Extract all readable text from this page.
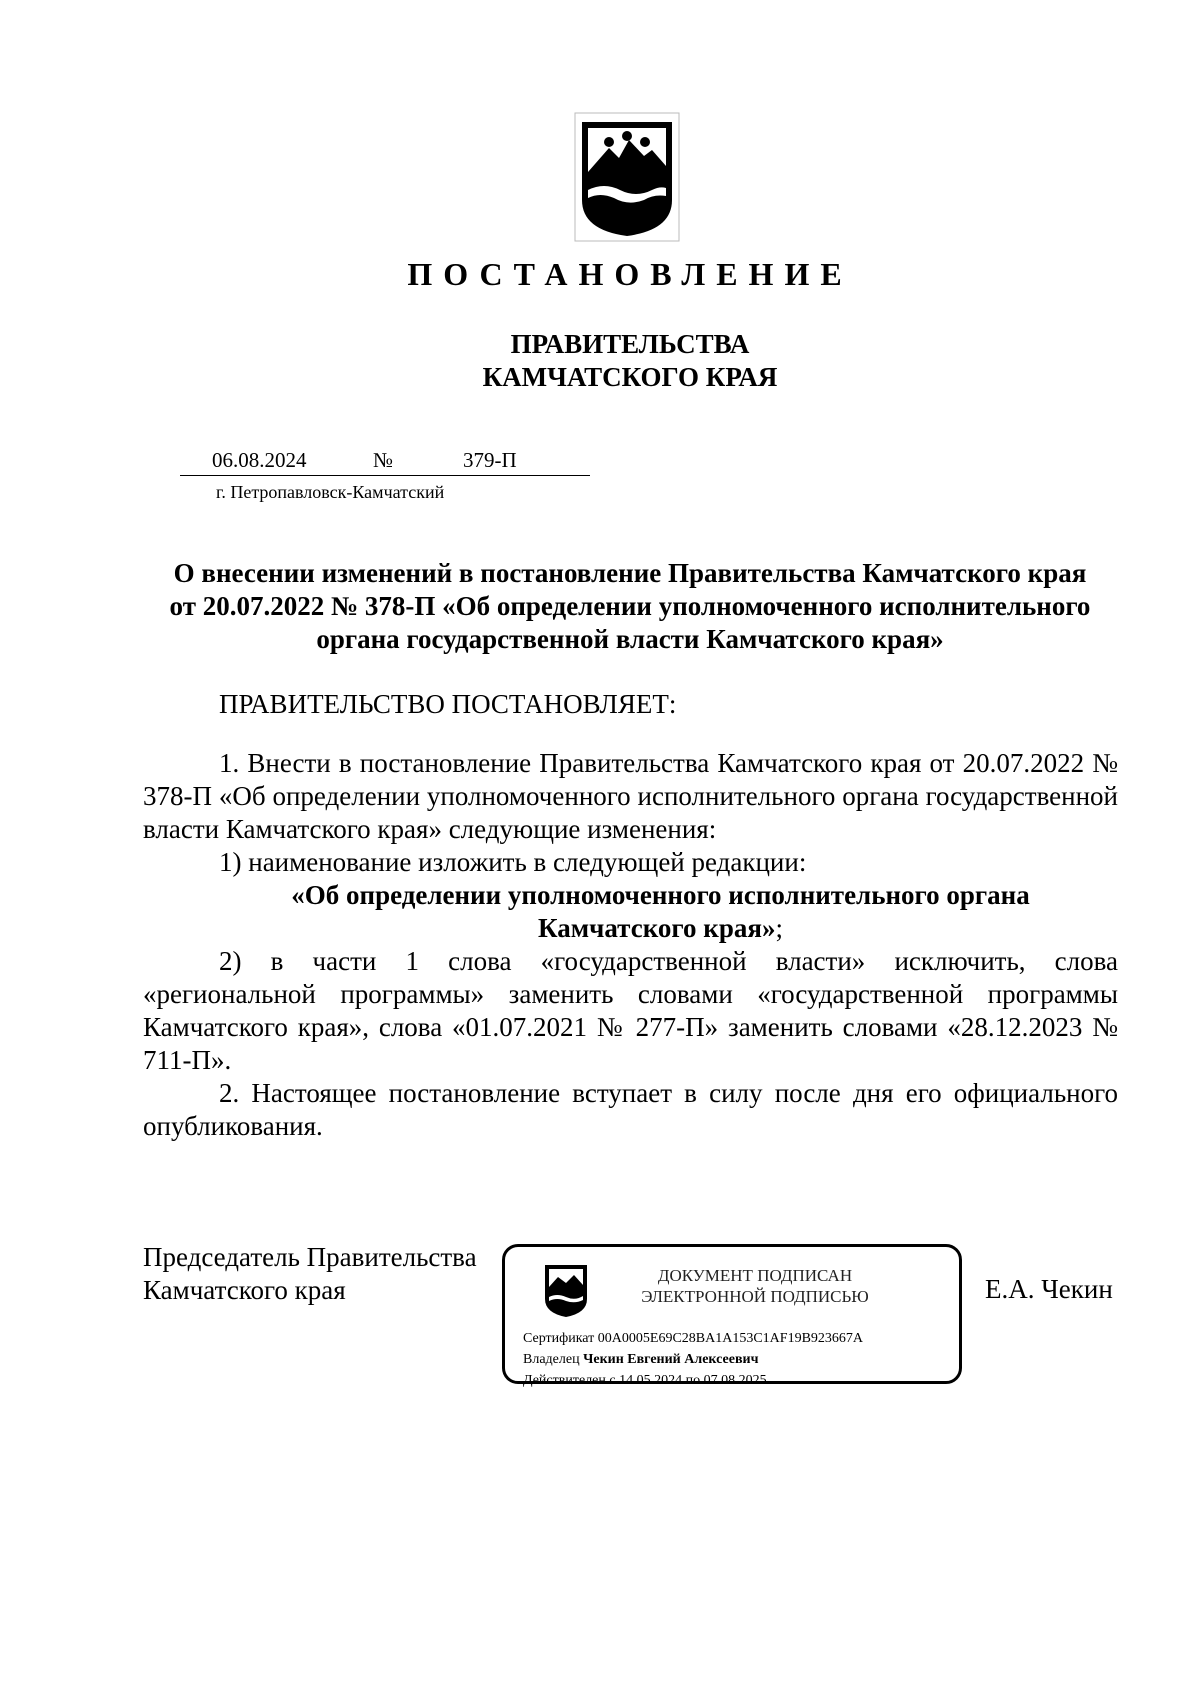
ПОСТАНОВЛЕНИЕ
ПРАВИТЕЛЬСТВА
КАМЧАТСКОГО КРАЯ
06.08.2024	№	379-П
г. Петропавловск-Камчатский
О внесении изменений в постановление Правительства Камчатского края
от 20.07.2022 № 378-П «Об определении уполномоченного исполнительного
органа государственной власти Камчатского края»

ПРАВИТЕЛЬСТВО ПОСТАНОВЛЯЕТ:

1. Внести в постановление Правительства Камчатского края от 20.07.2022 № 378-П «Об определении уполномоченного исполнительного органа государственной власти Камчатского края» следующие изменения:

1) наименование изложить в следующей редакции:

«Об определении уполномоченного исполнительного органа
Камчатского края»;

2) в части 1 слова «государственной власти» исключить, слова «региональной программы» заменить словами «государственной программы Камчатского края», слова «01.07.2021 № 277-П» заменить словами «28.12.2023 № 711-П».

2. Настоящее постановление вступает в силу после дня его официального опубликования.

Председатель Правительства
Камчатского края	ДОКУМЕНТ ПОДПИСАН
ЭЛЕКТРОННОЙ ПОДПИСЬЮ
Сертификат 00A0005E69C28BA1A153C1AF19B923667A
Владелец Чекин Евгений Алексеевич
Действителен с 14.05.2024 по 07.08.2025
Е.А. Чекин
